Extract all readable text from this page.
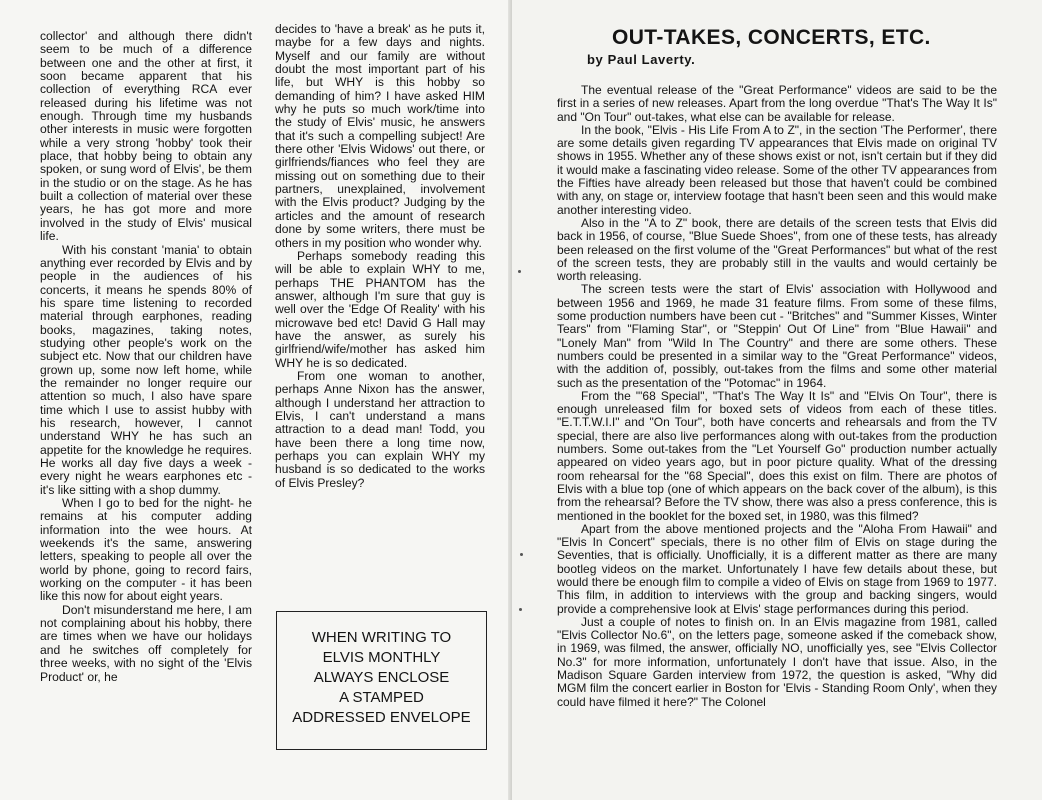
collector' and although there didn't seem to be much of a difference between one and the other at first, it soon became apparent that his collection of everything RCA ever released during his lifetime was not enough. Through time my husbands other interests in music were forgotten while a very strong 'hobby' took their place, that hobby being to obtain any spoken, or sung word of Elvis', be them in the studio or on the stage. As he has built a collection of material over these years, he has got more and more involved in the study of Elvis' musical life.

With his constant 'mania' to obtain anything ever recorded by Elvis and by people in the audiences of his concerts, it means he spends 80% of his spare time listening to recorded material through earphones, reading books, magazines, taking notes, studying other people's work on the subject etc. Now that our children have grown up, some now left home, while the remainder no longer require our attention so much, I also have spare time which I use to assist hubby with his research, however, I cannot understand WHY he has such an appetite for the knowledge he requires. He works all day five days a week - every night he wears earphones etc - it's like sitting with a shop dummy.

When I go to bed for the night- he remains at his computer adding information into the wee hours. At weekends it's the same, answering letters, speaking to people all over the world by phone, going to record fairs, working on the computer - it has been like this now for about eight years.

Don't misunderstand me here, I am not complaining about his hobby, there are times when we have our holidays and he switches off completely for three weeks, with no sight of the 'Elvis Product' or, he

decides to 'have a break' as he puts it, maybe for a few days and nights. Myself and our family are without doubt the most important part of his life, but WHY is this hobby so demanding of him? I have asked HIM why he puts so much work/time into the study of Elvis' music, he answers that it's such a compelling subject! Are there other 'Elvis Widows' out there, or girlfriends/fiances who feel they are missing out on something due to their partners, unexplained, involvement with the Elvis product? Judging by the articles and the amount of research done by some writers, there must be others in my position who wonder why.

Perhaps somebody reading this will be able to explain WHY to me, perhaps THE PHANTOM has the answer, although I'm sure that guy is well over the 'Edge Of Reality' with his microwave bed etc! David G Hall may have the answer, as surely his girlfriend/wife/mother has asked him WHY he is so dedicated.

From one woman to another, perhaps Anne Nixon has the answer, although I understand her attraction to Elvis, I can't understand a mans attraction to a dead man! Todd, you have been there a long time now, perhaps you can explain WHY my husband is so dedicated to the works of Elvis Presley?

WHEN WRITING TO
ELVIS MONTHLY
ALWAYS ENCLOSE
A STAMPED
ADDRESSED ENVELOPE
OUT-TAKES, CONCERTS, ETC.
by Paul Laverty.

The eventual release of the "Great Performance" videos are said to be the first in a series of new releases. Apart from the long overdue "That's The Way It Is" and "On Tour" out-takes, what else can be available for release.

In the book, "Elvis - His Life From A to Z", in the section 'The Performer', there are some details given regarding TV appearances that Elvis made on original TV shows in 1955. Whether any of these shows exist or not, isn't certain but if they did it would make a fascinating video release. Some of the other TV appearances from the Fifties have already been released but those that haven't could be combined with any, on stage or, interview footage that hasn't been seen and this would make another interesting video.

Also in the "A to Z" book, there are details of the screen tests that Elvis did back in 1956, of course, "Blue Suede Shoes", from one of these tests, has already been released on the first volume of the "Great Performances" but what of the rest of the screen tests, they are probably still in the vaults and would certainly be worth releasing.

The screen tests were the start of Elvis' association with Hollywood and between 1956 and 1969, he made 31 feature films. From some of these films, some production numbers have been cut - "Britches" and "Summer Kisses, Winter Tears" from "Flaming Star", or "Steppin' Out Of Line" from "Blue Hawaii" and "Lonely Man" from "Wild In The Country" and there are some others. These numbers could be presented in a similar way to the "Great Performance" videos, with the addition of, possibly, out-takes from the films and some other material such as the presentation of the "Potomac" in 1964.

From the "'68 Special", "That's The Way It Is" and "Elvis On Tour", there is enough unreleased film for boxed sets of videos from each of these titles. "E.T.T.W.I.I" and "On Tour", both have concerts and rehearsals and from the TV special, there are also live performances along with out-takes from the production numbers. Some out-takes from the "Let Yourself Go" production number actually appeared on video years ago, but in poor picture quality. What of the dressing room rehearsal for the "68 Special", does this exist on film. There are photos of Elvis with a blue top (one of which appears on the back cover of the album), is this from the rehearsal? Before the TV show, there was also a press conference, this is mentioned in the booklet for the boxed set, in 1980, was this filmed?

Apart from the above mentioned projects and the "Aloha From Hawaii" and "Elvis In Concert" specials, there is no other film of Elvis on stage during the Seventies, that is officially. Unofficially, it is a different matter as there are many bootleg videos on the market. Unfortunately I have few details about these, but would there be enough film to compile a video of Elvis on stage from 1969 to 1977. This film, in addition to interviews with the group and backing singers, would provide a comprehensive look at Elvis' stage performances during this period.

Just a couple of notes to finish on. In an Elvis magazine from 1981, called "Elvis Collector No.6", on the letters page, someone asked if the comeback show, in 1969, was filmed, the answer, officially NO, unofficially yes, see "Elvis Collector No.3" for more information, unfortunately I don't have that issue. Also, in the Madison Square Garden interview from 1972, the question is asked, "Why did MGM film the concert earlier in Boston for 'Elvis - Standing Room Only', when they could have filmed it here?" The Colonel
